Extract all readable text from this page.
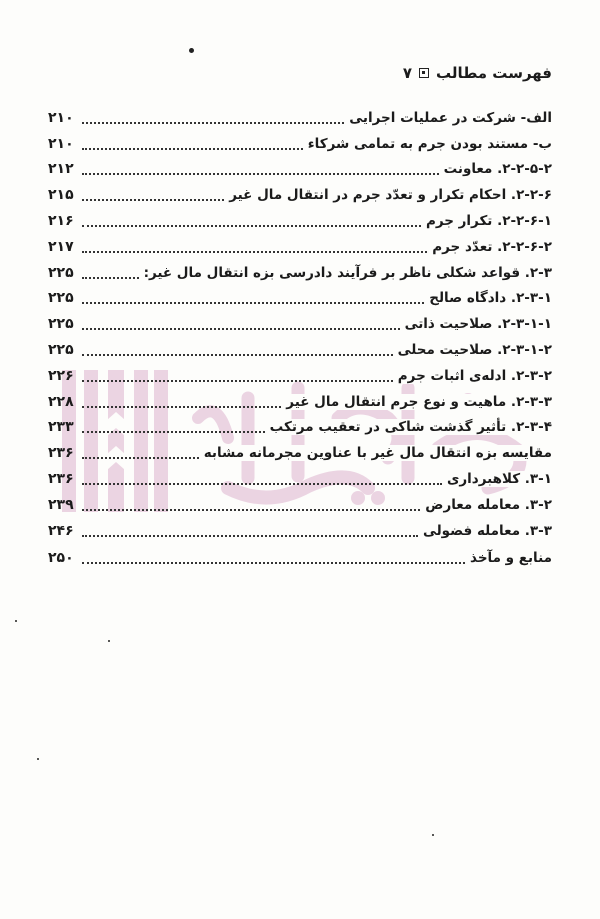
فهرست مطالب
۷
الف- شرکت در عملیات اجرایی
۲۱۰
ب- مستند بودن جرم به تمامی شرکاء
۲۱۰
۲-۲-۵-۲. معاونت
۲۱۲
۲-۲-۶. احکام تکرار و تعدّد جرم در انتقال مال غیر
۲۱۵
۲-۲-۶-۱. تکرار جرم
۲۱۶
۲-۲-۶-۲. تعدّد جرم
۲۱۷
۲-۳. قواعد شکلی ناظر بر فرآیند دادرسی بزه انتقال مال غیر:
۲۲۵
۲-۳-۱. دادگاه صالح
۲۲۵
۲-۳-۱-۱. صلاحیت ذاتی
۲۲۵
۲-۳-۱-۲. صلاحیت محلی
۲۲۵
۲-۳-۲. ادله‌ی اثبات جرم
۲۲۶
۲-۳-۳. ماهیت و نوع جرم انتقال مال غیر
۲۲۸
۲-۳-۴. تأثیر گذشت شاکی در تعقیب مرتکب
۲۳۳
مقایسه بزه انتقال مال غیر با عناوین مجرمانه مشابه
۲۳۶
۳-۱. کلاهبرداری
۲۳۶
۳-۲. معامله معارض
۲۳۹
۳-۳. معامله فضولی
۲۴۶
منابع و مآخذ
۲۵۰
